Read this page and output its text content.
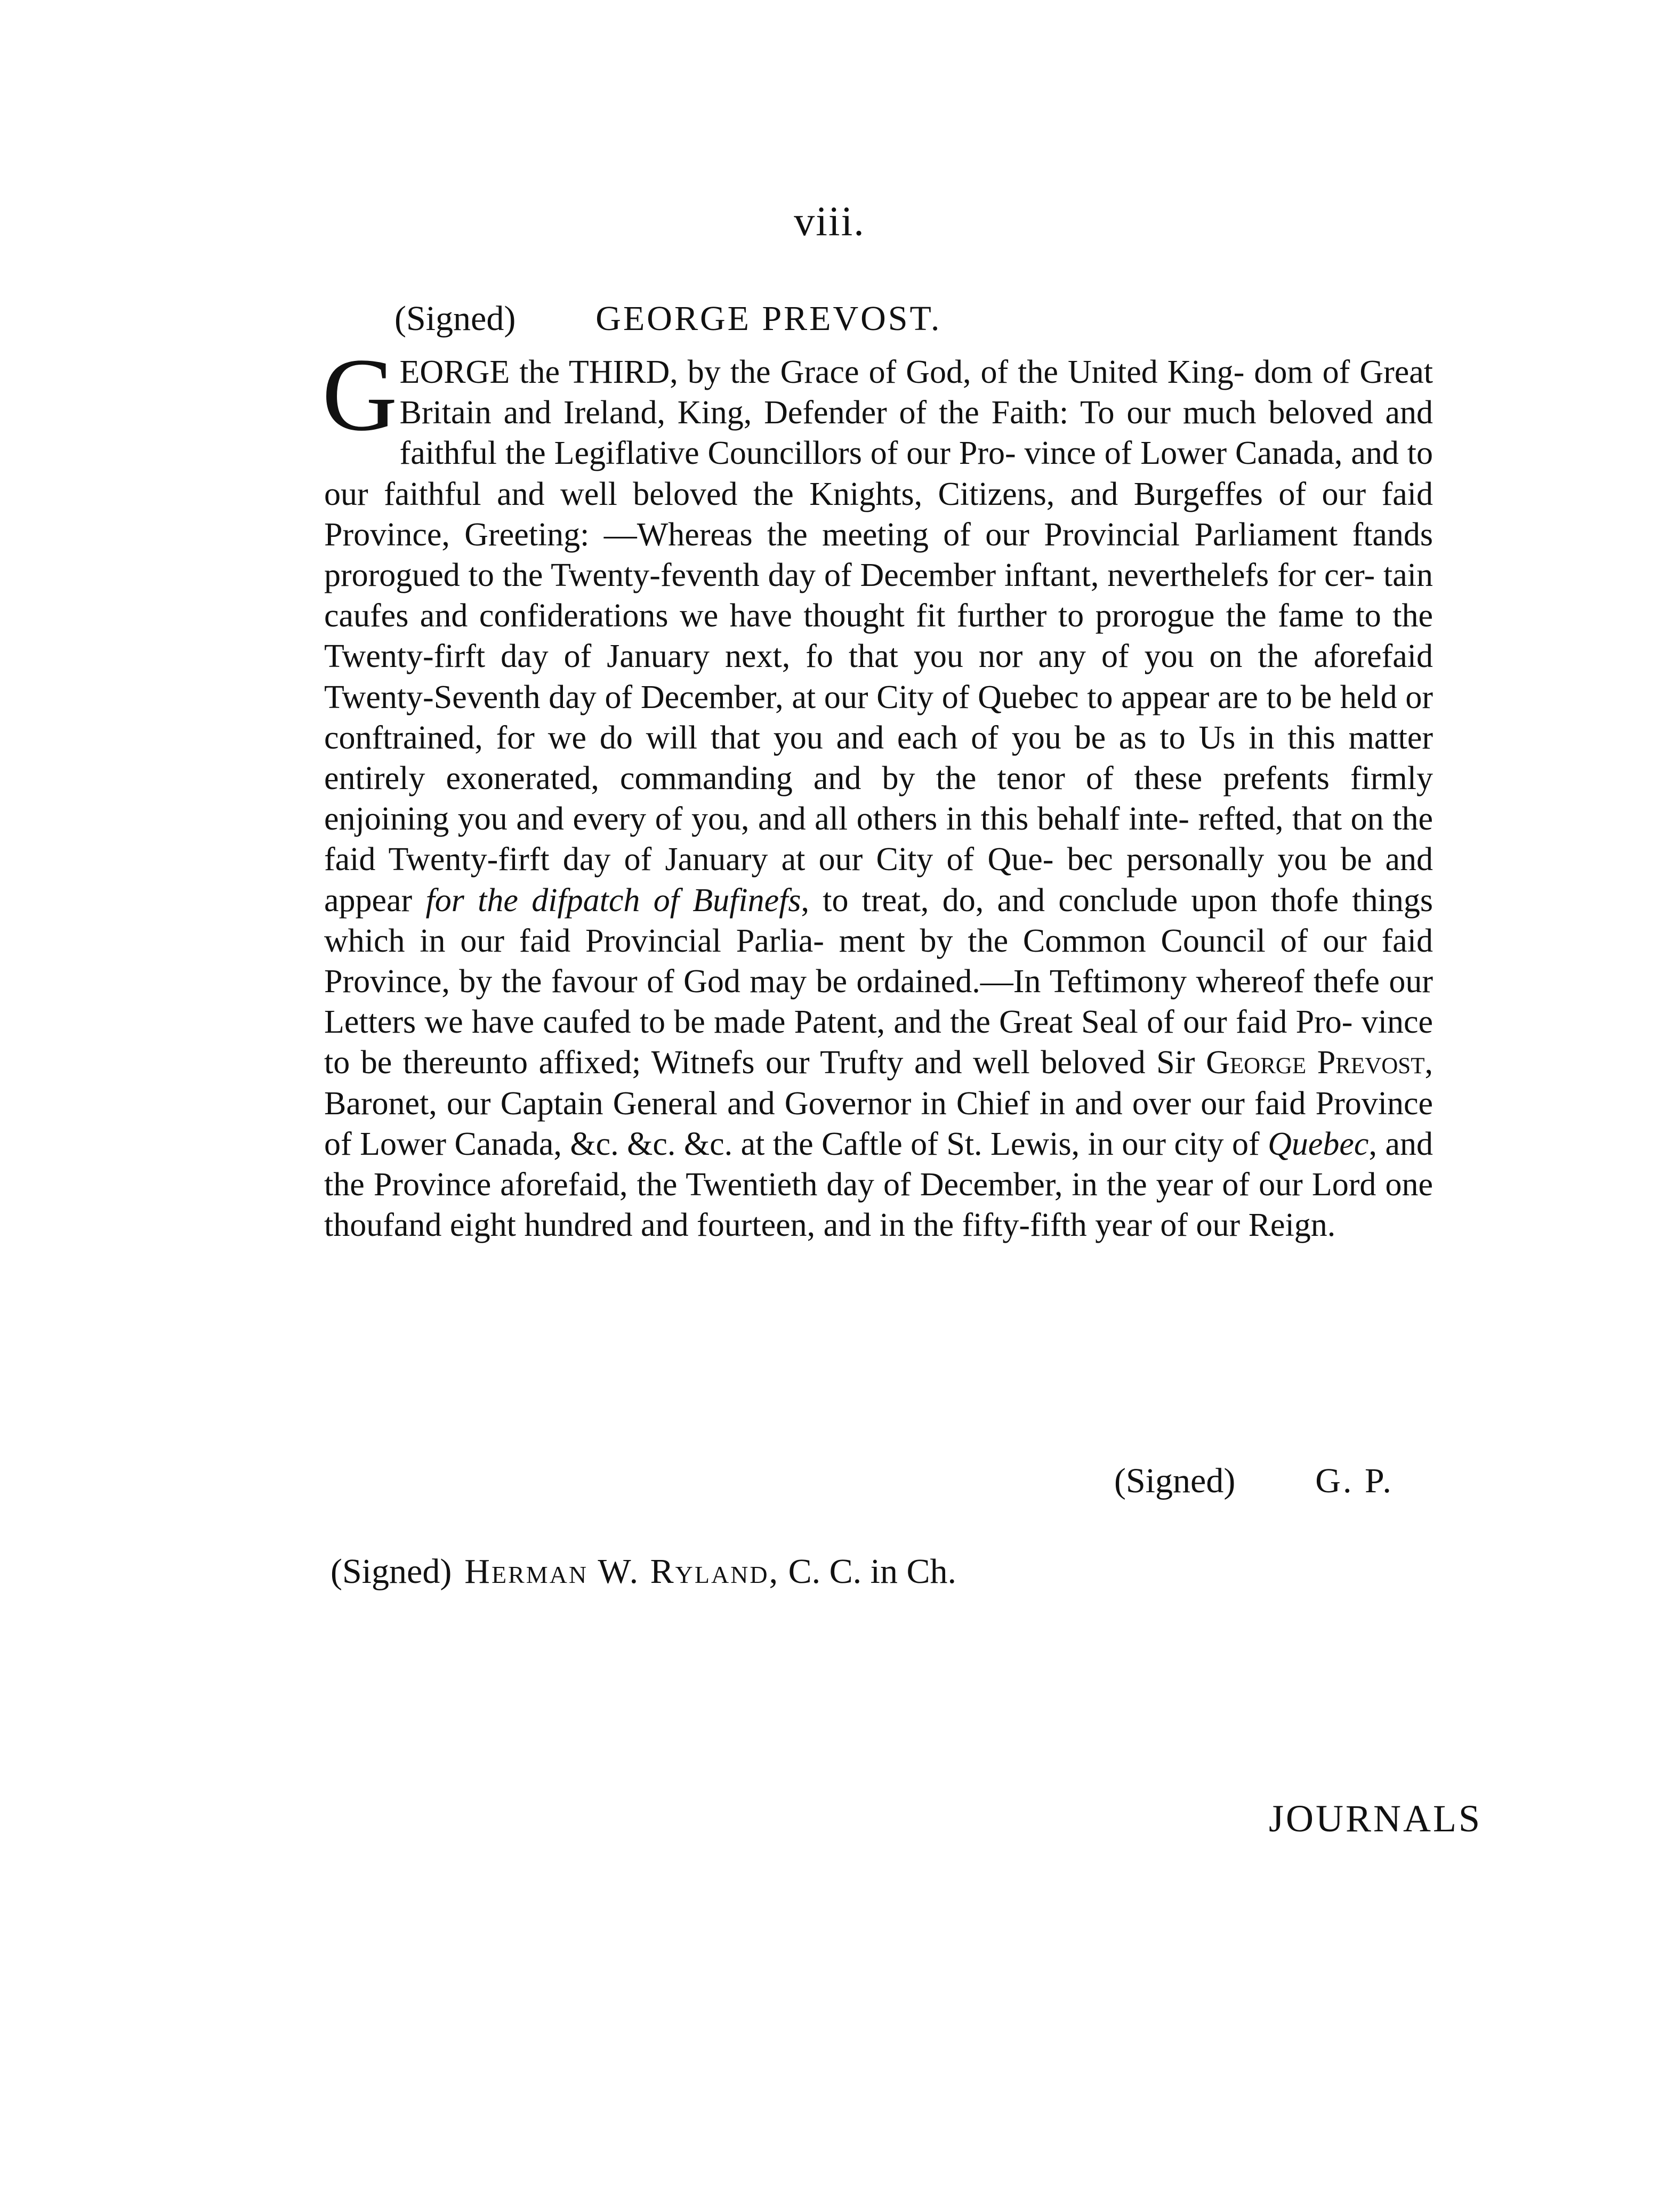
viii.
(Signed) GEORGE PREVOST.
GEORGE the THIRD, by the Grace of God, of the United King- dom of Great Britain and Ireland, King, Defender of the Faith: To our much beloved and faithful the Legiflative Councillors of our Pro- vince of Lower Canada, and to our faithful and well beloved the Knights, Citizens, and Burgeffes of our faid Province, Greeting: —Whereas the meeting of our Provincial Parliament ftands prorogued to the Twenty-feventh day of December inftant, neverthelefs for cer- tain caufes and confiderations we have thought fit further to prorogue the fame to the Twenty-firft day of January next, fo that you nor any of you on the aforefaid Twenty-Seventh day of December, at our City of Quebec to appear are to be held or conftrained, for we do will that you and each of you be as to Us in this matter entirely exonerated, commanding and by the tenor of these prefents firmly enjoining you and every of you, and all others in this behalf inte- refted, that on the faid Twenty-firft day of January at our City of Que- bec personally you be and appear for the difpatch of Bufinefs, to treat, do, and conclude upon thofe things which in our faid Provincial Parlia- ment by the Common Council of our faid Province, by the favour of God may be ordained.—In Teftimony whereof thefe our Letters we have caufed to be made Patent, and the Great Seal of our faid Pro- vince to be thereunto affixed; Witnefs our Trufty and well beloved Sir George Prevost, Baronet, our Captain General and Governor in Chief in and over our faid Province of Lower Canada, &c. &c. &c. at the Caftle of St. Lewis, in our city of Quebec, and the Province aforefaid, the Twentieth day of December, in the year of our Lord one thoufand eight hundred and fourteen, and in the fifty-fifth year of our Reign.
(Signed) G. P.
(Signed) Herman W. Ryland, C. C. in Ch.
JOURNALS
